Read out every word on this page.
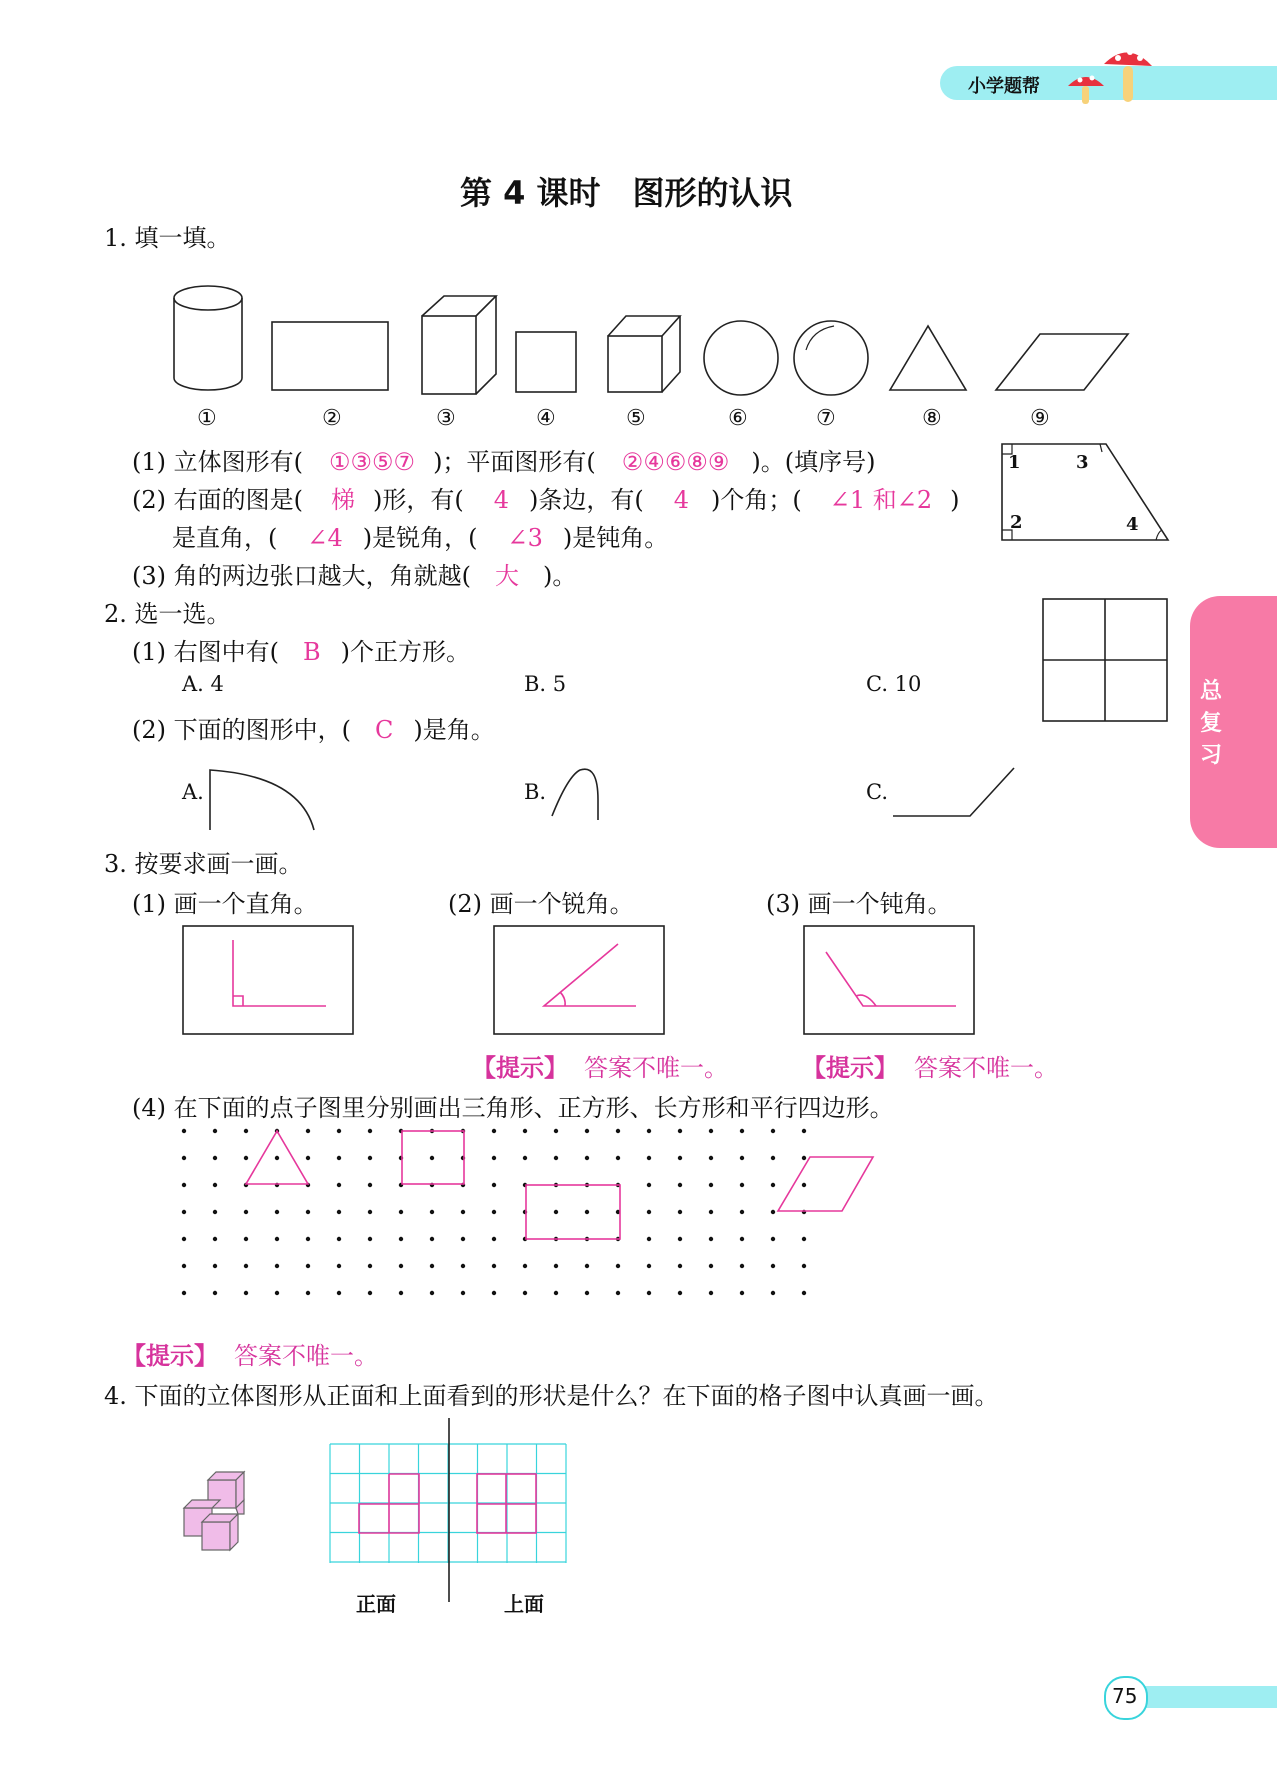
小学题帮
第 4 课时　图形的认识
总
复
习
1. 填一填。
①	②	③	④	⑤	⑥	⑦	⑧	⑨
(1) 立体图形有( ①③⑤⑦ )；平面图形有( ②④⑥⑧⑨ )。(填序号)
(2) 右面的图是( 梯 )形，有( 4 )条边，有( 4 )个角；( ∠1 和∠2 )
是直角，( ∠4 )是锐角，( ∠3 )是钝角。
(3) 角的两边张口越大，角就越( 大 )。
1	3
2	4
2. 选一选。
(1) 右图中有( B )个正方形。
A. 4	B. 5	C. 10
(2) 下面的图形中，( C )是角。
A.	B.	C.
3. 按要求画一画。
(1) 画一个直角。	(2) 画一个锐角。	(3) 画一个钝角。
【提示】 答案不唯一。	【提示】 答案不唯一。
(4) 在下面的点子图里分别画出三角形、正方形、长方形和平行四边形。
【提示】 答案不唯一。
4. 下面的立体图形从正面和上面看到的形状是什么？在下面的格子图中认真画一画。
正面	上面
75
